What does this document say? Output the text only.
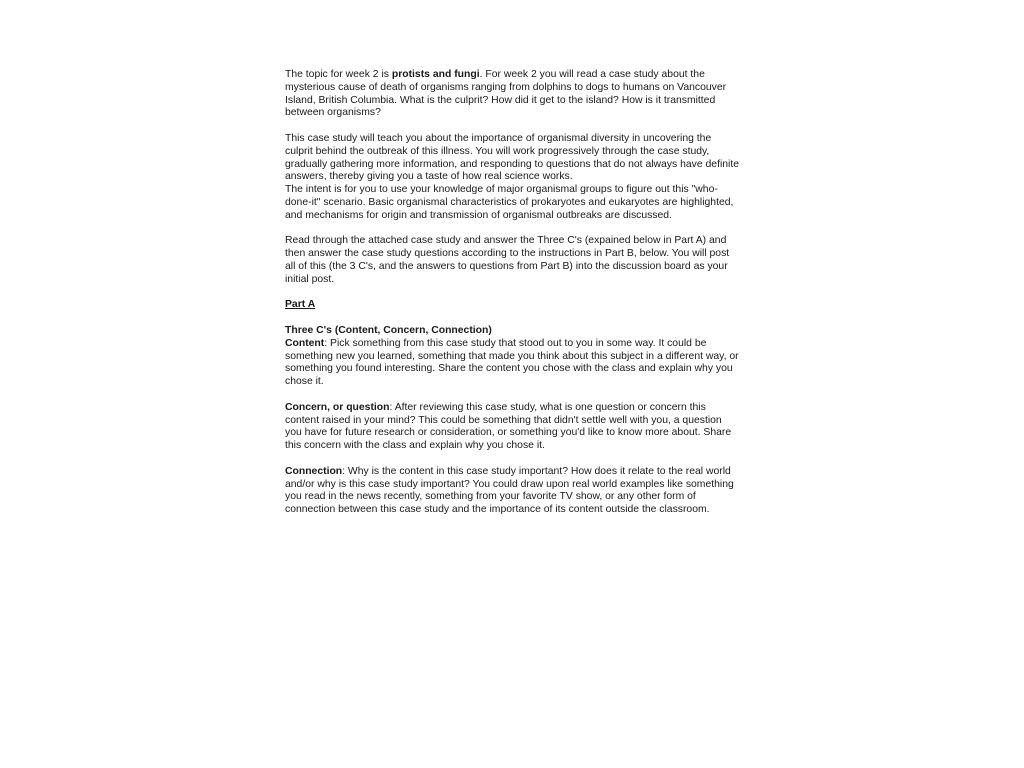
The topic for week 2 is protists and fungi. For week 2 you will read a case study about the mysterious cause of death of organisms ranging from dolphins to dogs to humans on Vancouver Island, British Columbia. What is the culprit? How did it get to the island? How is it transmitted between organisms?

This case study will teach you about the importance of organismal diversity in uncovering the culprit behind the outbreak of this illness. You will work progressively through the case study, gradually gathering more information, and responding to questions that do not always have definite answers, thereby giving you a taste of how real science works.

The intent is for you to use your knowledge of major organismal groups to figure out this "who-done-it" scenario. Basic organismal characteristics of prokaryotes and eukaryotes are highlighted, and mechanisms for origin and transmission of organismal outbreaks are discussed.

Read through the attached case study and answer the Three C's (expained below in Part A) and then answer the case study questions according to the instructions in Part B, below. You will post all of this (the 3 C's, and the answers to questions from Part B) into the discussion board as your initial post.

Part A

Three C's (Content, Concern, Connection)

Content: Pick something from this case study that stood out to you in some way. It could be something new you learned, something that made you think about this subject in a different way, or something you found interesting. Share the content you chose with the class and explain why you chose it.

Concern, or question: After reviewing this case study, what is one question or concern this content raised in your mind? This could be something that didn't settle well with you, a question you have for future research or consideration, or something you'd like to know more about. Share this concern with the class and explain why you chose it.

Connection: Why is the content in this case study important? How does it relate to the real world and/or why is this case study important? You could draw upon real world examples like something you read in the news recently, something from your favorite TV show, or any other form of connection between this case study and the importance of its content outside the classroom.
